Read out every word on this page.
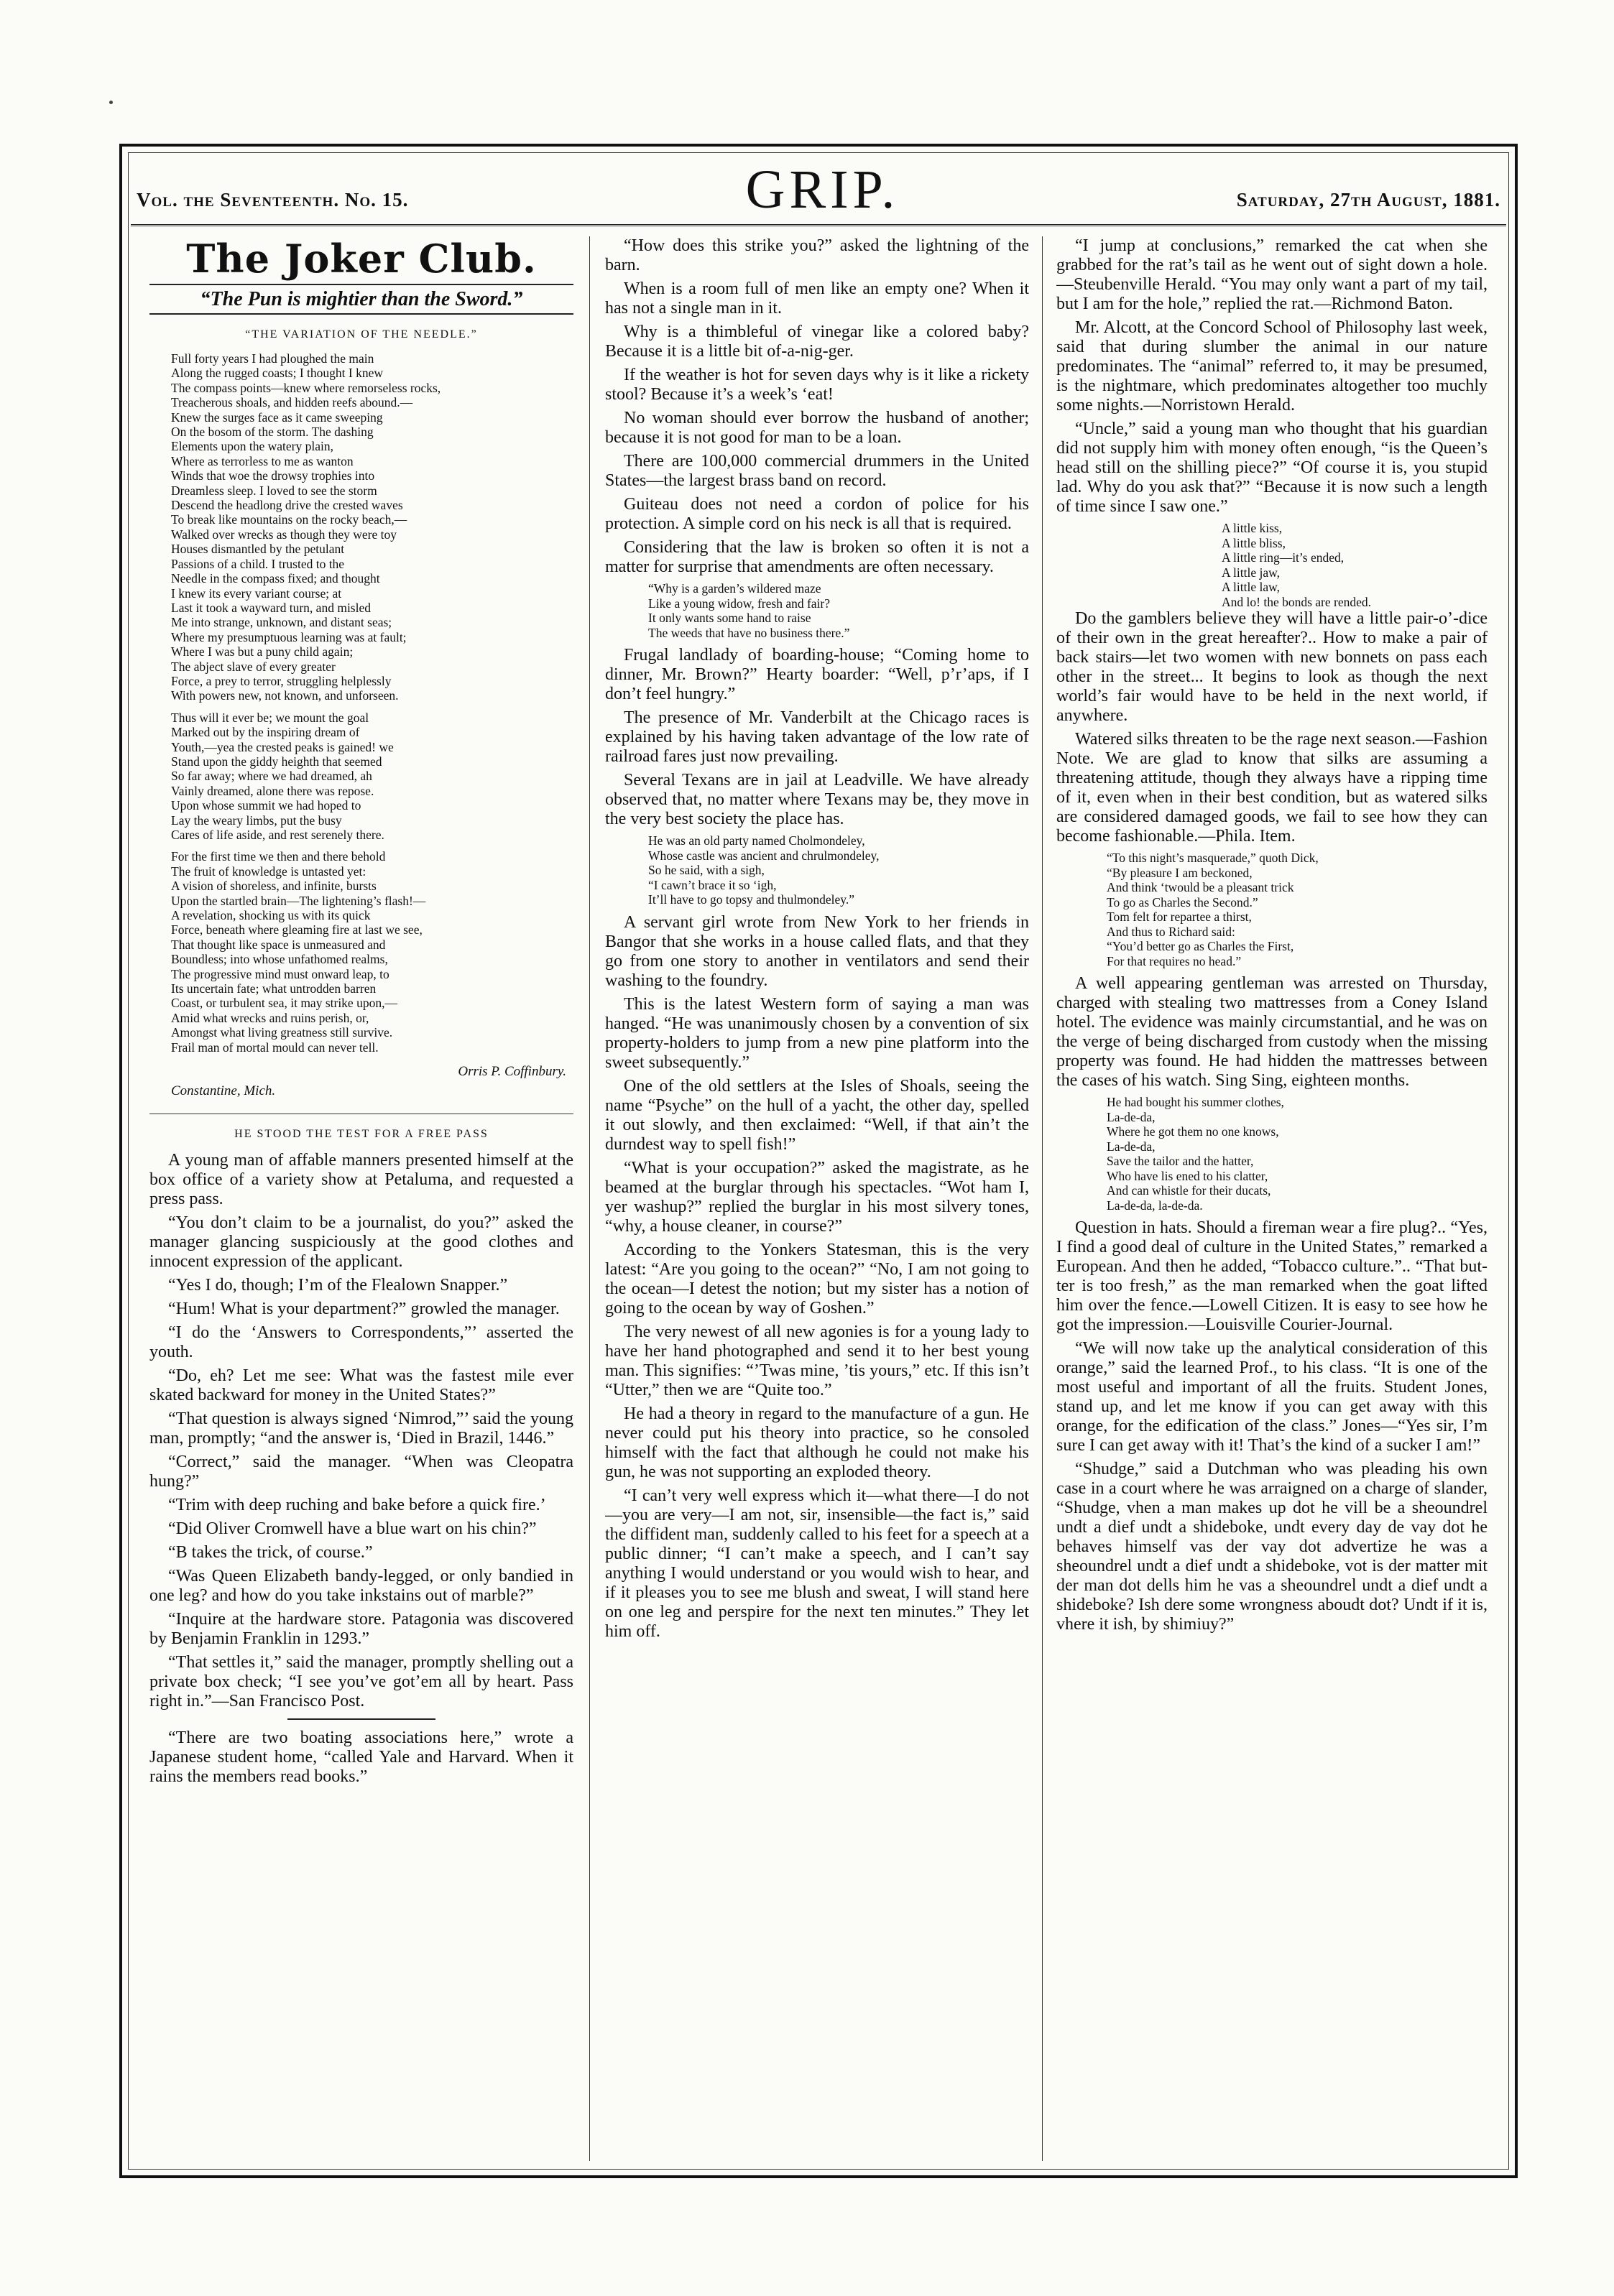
Vol. the Seventeenth. No. 15.	GRIP.	Saturday, 27th August, 1881.
The Joker Club.
“The Pun is mightier than the Sword.”
“THE VARIATION OF THE NEEDLE.”
Full forty years I had ploughed the main
Along the rugged coasts; I thought I knew
The compass points—knew where remorseless rocks,
Treacherous shoals, and hidden reefs abound.—
Knew the surges face as it came sweeping
On the bosom of the storm. The dashing
Elements upon the watery plain,
Where as terrorless to me as wanton
Winds that woe the drowsy trophies into
Dreamless sleep. I loved to see the storm
Descend the headlong drive the crested waves
To break like mountains on the rocky beach,—
Walked over wrecks as though they were toy
Houses dismantled by the petulant
Passions of a child. I trusted to the
Needle in the compass fixed; and thought
I knew its every variant course; at
Last it took a wayward turn, and misled
Me into strange, unknown, and distant seas;
Where my presumptuous learning was at fault;
Where I was but a puny child again;
The abject slave of every greater
Force, a prey to terror, struggling helplessly
With powers new, not known, and unforseen.
Thus will it ever be; we mount the goal
Marked out by the inspiring dream of
Youth,—yea the crested peaks is gained! we
Stand upon the giddy heighth that seemed
So far away; where we had dreamed, ah
Vainly dreamed, alone there was repose.
Upon whose summit we had hoped to
Lay the weary limbs, put the busy
Cares of life aside, and rest serenely there.
For the first time we then and there behold
The fruit of knowledge is untasted yet:
A vision of shoreless, and infinite, bursts
Upon the startled brain—The lightening’s flash!—
A revelation, shocking us with its quick
Force, beneath where gleaming fire at last we see,
That thought like space is unmeasured and
Boundless; into whose unfathomed realms,
The progressive mind must onward leap, to
Its uncertain fate; what untrodden barren
Coast, or turbulent sea, it may strike upon,—
Amid what wrecks and ruins perish, or,
Amongst what living greatness still survive.
Frail man of mortal mould can never tell.
Orris P. Coffinbury.
Constantine, Mich.
HE STOOD THE TEST FOR A FREE PASS

A young man of affable manners presented himself at the box office of a variety show at Petaluma, and requested a press pass.

“You don’t claim to be a journalist, do you?” asked the manager glancing suspiciously at the good clothes and innocent expression of the applicant.

“Yes I do, though; I’m of the Flealown Snapper.”

“Hum! What is your department?” growled the manager.

“I do the ‘Answers to Correspondents,”’ asserted the youth.

“Do, eh? Let me see: What was the fastest mile ever skated backward for money in the United States?”

“That question is always signed ‘Nimrod,”’ said the young man, promptly; “and the answer is, ‘Died in Brazil, 1446.”

“Correct,” said the manager. “When was Cleopatra hung?”

“Trim with deep ruching and bake before a quick fire.’

“Did Oliver Cromwell have a blue wart on his chin?”

“B takes the trick, of course.”

“Was Queen Elizabeth bandy-legged, or only bandied in one leg? and how do you take inkstains out of marble?”

“Inquire at the hardware store. Patagonia was discovered by Benjamin Franklin in 1293.”

“That settles it,” said the manager, promptly shelling out a private box check; “I see you’ve got’em all by heart. Pass right in.”—San Francisco Post.

“There are two boating associations here,” wrote a Japanese student home, “called Yale and Harvard. When it rains the members read books.”

“How does this strike you?” asked the lightning of the barn.

When is a room full of men like an empty one? When it has not a single man in it.

Why is a thimbleful of vinegar like a colored baby? Because it is a little bit of-a-nig-ger.

If the weather is hot for seven days why is it like a rickety stool? Because it’s a week’s ‘eat!

No woman should ever borrow the husband of another; because it is not good for man to be a loan.

There are 100,000 commercial drummers in the United States—the largest brass band on record.

Guiteau does not need a cordon of police for his protection. A simple cord on his neck is all that is required.

Considering that the law is broken so often it is not a matter for surprise that amendments are often necessary.

“Why is a garden’s wildered maze
Like a young widow, fresh and fair?
It only wants some hand to raise
The weeds that have no business there.”

Frugal landlady of boarding-house; “Coming home to dinner, Mr. Brown?” Hearty boarder: “Well, p’r’aps, if I don’t feel hungry.”

The presence of Mr. Vanderbilt at the Chicago races is explained by his having taken advantage of the low rate of railroad fares just now prevailing.

Several Texans are in jail at Leadville. We have already observed that, no matter where Texans may be, they move in the very best society the place has.

He was an old party named Cholmondeley,
Whose castle was ancient and chrulmondeley,
So he said, with a sigh,
“I cawn’t brace it so ‘igh,
It’ll have to go topsy and thulmondeley.”

A servant girl wrote from New York to her friends in Bangor that she works in a house called flats, and that they go from one story to another in ventilators and send their washing to the foundry.

This is the latest Western form of saying a man was hanged. “He was unanimously chosen by a convention of six property-holders to jump from a new pine platform into the sweet subsequently.”

One of the old settlers at the Isles of Shoals, seeing the name “Psyche” on the hull of a yacht, the other day, spelled it out slowly, and then exclaimed: “Well, if that ain’t the durndest way to spell fish!”

“What is your occupation?” asked the magistrate, as he beamed at the burglar through his spectacles. “Wot ham I, yer washup?” replied the burglar in his most silvery tones, “why, a house cleaner, in course?”

According to the Yonkers Statesman, this is the very latest: “Are you going to the ocean?” “No, I am not going to the ocean—I detest the notion; but my sister has a notion of going to the ocean by way of Goshen.”

The very newest of all new agonies is for a young lady to have her hand photographed and send it to her best young man. This signifies: “’Twas mine, ’tis yours,” etc. If this isn’t “Utter,” then we are “Quite too.”

He had a theory in regard to the manufacture of a gun. He never could put his theory into practice, so he consoled himself with the fact that although he could not make his gun, he was not supporting an exploded theory.

“I can’t very well express which it—what there—I do not—you are very—I am not, sir, insensible—the fact is,” said the diffident man, suddenly called to his feet for a speech at a public dinner; “I can’t make a speech, and I can’t say anything I would understand or you would wish to hear, and if it pleases you to see me blush and sweat, I will stand here on one leg and perspire for the next ten minutes.” They let him off.

“I jump at conclusions,” remarked the cat when she grabbed for the rat’s tail as he went out of sight down a hole.—Steubenville Herald. “You may only want a part of my tail, but I am for the hole,” replied the rat.—Richmond Baton.

Mr. Alcott, at the Concord School of Philosophy last week, said that during slumber the animal in our nature predominates. The “animal” referred to, it may be presumed, is the nightmare, which predominates altogether too muchly some nights.—Norristown Herald.

“Uncle,” said a young man who thought that his guardian did not supply him with money often enough, “is the Queen’s head still on the shilling piece?” “Of course it is, you stupid lad. Why do you ask that?” “Because it is now such a length of time since I saw one.”

A little kiss,
A little bliss,
A little ring—it’s ended,
A little jaw,
A little law,
And lo! the bonds are rended.

Do the gamblers believe they will have a little pair-o’-dice of their own in the great hereafter?.. How to make a pair of back stairs—let two women with new bonnets on pass each other in the street... It begins to look as though the next world’s fair would have to be held in the next world, if anywhere.

Watered silks threaten to be the rage next season.—Fashion Note. We are glad to know that silks are assuming a threatening attitude, though they always have a ripping time of it, even when in their best condition, but as watered silks are considered damaged goods, we fail to see how they can become fashionable.—Phila. Item.

“To this night’s masquerade,” quoth Dick,
“By pleasure I am beckoned,
And think ‘twould be a pleasant trick
To go as Charles the Second.”
Tom felt for repartee a thirst,
And thus to Richard said:
“You’d better go as Charles the First,
For that requires no head.”

A well appearing gentleman was arrested on Thursday, charged with stealing two mattresses from a Coney Island hotel. The evidence was mainly circumstantial, and he was on the verge of being discharged from custody when the missing property was found. He had hidden the mattresses between the cases of his watch. Sing Sing, eighteen months.

He had bought his summer clothes,
La-de-da,
Where he got them no one knows,
La-de-da,
Save the tailor and the hatter,
Who have lis ened to his clatter,
And can whistle for their ducats,
La-de-da, la-de-da.

Question in hats. Should a fireman wear a fire plug?.. “Yes, I find a good deal of culture in the United States,” remarked a European. And then he added, “Tobacco culture.”.. “That but-ter is too fresh,” as the man remarked when the goat lifted him over the fence.—Lowell Citizen. It is easy to see how he got the impression.—Louisville Courier-Journal.

“We will now take up the analytical consideration of this orange,” said the learned Prof., to his class. “It is one of the most useful and important of all the fruits. Student Jones, stand up, and let me know if you can get away with this orange, for the edification of the class.” Jones—“Yes sir, I’m sure I can get away with it! That’s the kind of a sucker I am!”

“Shudge,” said a Dutchman who was pleading his own case in a court where he was arraigned on a charge of slander, “Shudge, vhen a man makes up dot he vill be a sheoundrel undt a dief undt a shideboke, undt every day de vay dot he behaves himself vas der vay dot advertize he was a sheoundrel undt a dief undt a shideboke, vot is der matter mit der man dot dells him he vas a sheoundrel undt a dief undt a shideboke? Ish dere some wrongness aboudt dot? Undt if it is, vhere it ish, by shimiuy?”
